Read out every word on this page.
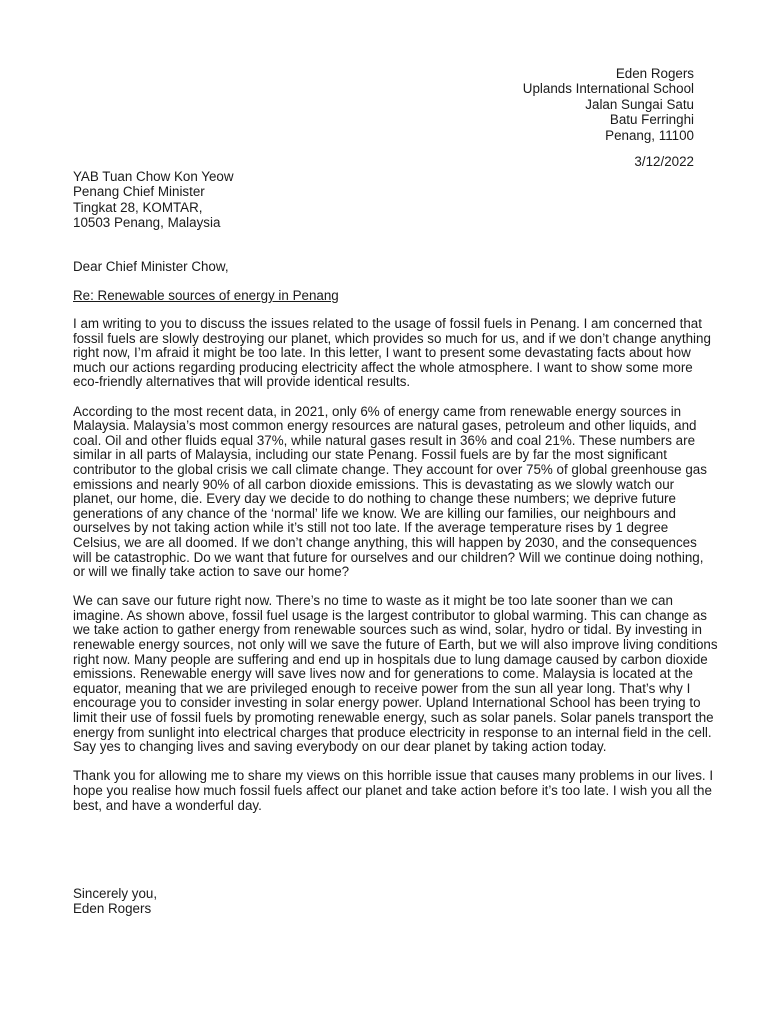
Eden Rogers
Uplands International School
Jalan Sungai Satu
Batu Ferringhi
Penang, 11100
3/12/2022
YAB Tuan Chow Kon Yeow
Penang Chief Minister
Tingkat 28, KOMTAR,
10503 Penang, Malaysia
Dear Chief Minister Chow,
Re: Renewable sources of energy in Penang

I am writing to you to discuss the issues related to the usage of fossil fuels in Penang. I am concerned that fossil fuels are slowly destroying our planet, which provides so much for us, and if we don’t change anything right now, I’m afraid it might be too late. In this letter, I want to present some devastating facts about how much our actions regarding producing electricity affect the whole atmosphere. I want to show some more eco-friendly alternatives that will provide identical results.

According to the most recent data, in 2021, only 6% of energy came from renewable energy sources in Malaysia. Malaysia’s most common energy resources are natural gases, petroleum and other liquids, and coal. Oil and other fluids equal 37%, while natural gases result in 36% and coal 21%. These numbers are similar in all parts of Malaysia, including our state Penang. Fossil fuels are by far the most significant contributor to the global crisis we call climate change. They account for over 75% of global greenhouse gas emissions and nearly 90% of all carbon dioxide emissions. This is devastating as we slowly watch our planet, our home, die. Every day we decide to do nothing to change these numbers; we deprive future generations of any chance of the ‘normal’ life we know. We are killing our families, our neighbours and ourselves by not taking action while it’s still not too late. If the average temperature rises by 1 degree Celsius, we are all doomed. If we don’t change anything, this will happen by 2030, and the consequences will be catastrophic. Do we want that future for ourselves and our children? Will we continue doing nothing, or will we finally take action to save our home?

We can save our future right now. There’s no time to waste as it might be too late sooner than we can imagine. As shown above, fossil fuel usage is the largest contributor to global warming. This can change as we take action to gather energy from renewable sources such as wind, solar, hydro or tidal. By investing in renewable energy sources, not only will we save the future of Earth, but we will also improve living conditions right now. Many people are suffering and end up in hospitals due to lung damage caused by carbon dioxide emissions. Renewable energy will save lives now and for generations to come. Malaysia is located at the equator, meaning that we are privileged enough to receive power from the sun all year long. That’s why I encourage you to consider investing in solar energy power. Upland International School has been trying to limit their use of fossil fuels by promoting renewable energy, such as solar panels. Solar panels transport the energy from sunlight into electrical charges that produce electricity in response to an internal field in the cell. Say yes to changing lives and saving everybody on our dear planet by taking action today.

Thank you for allowing me to share my views on this horrible issue that causes many problems in our lives. I hope you realise how much fossil fuels affect our planet and take action before it’s too late. I wish you all the best, and have a wonderful day.

Sincerely you,
Eden Rogers
